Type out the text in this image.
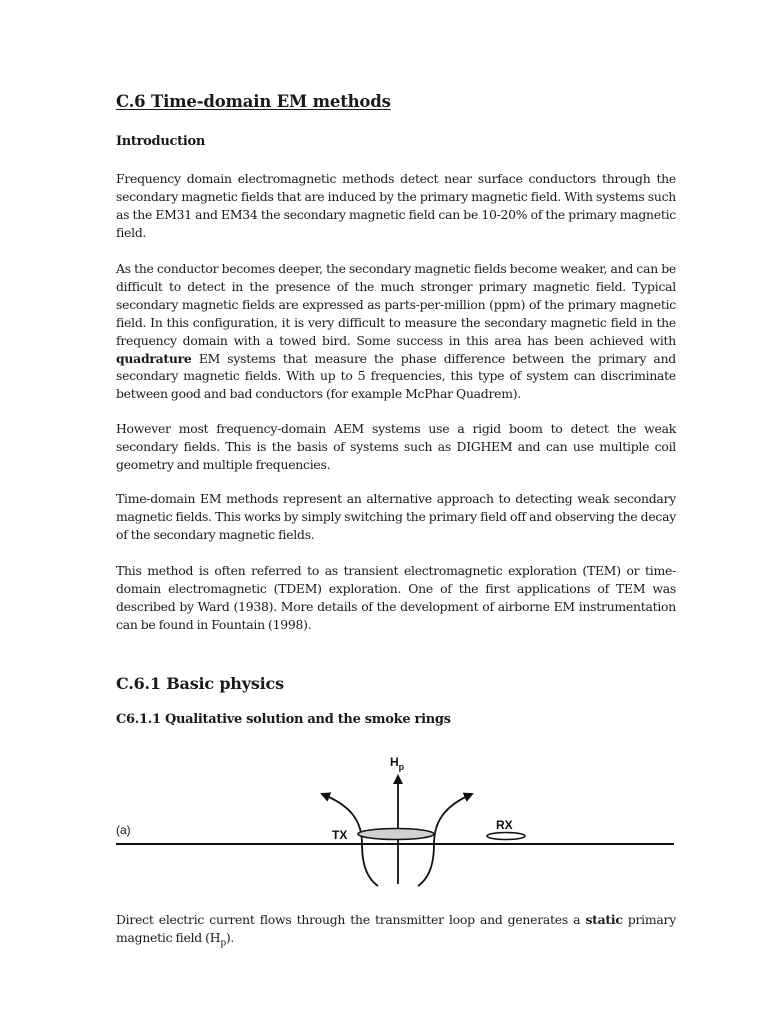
C.6 Time-domain EM methods
Introduction

Frequency domain electromagnetic methods detect near surface conductors through the secondary magnetic fields that are induced by the primary magnetic field. With systems such as the EM31 and EM34 the secondary magnetic field can be 10-20% of the primary magnetic field.

As the conductor becomes deeper, the secondary magnetic fields become weaker, and can be difficult to detect in the presence of the much stronger primary magnetic field. Typical secondary magnetic fields are expressed as parts-per-million (ppm) of the primary magnetic field. In this configuration, it is very difficult to measure the secondary magnetic field in the frequency domain with a towed bird. Some success in this area has been achieved with quadrature EM systems that measure the phase difference between the primary and secondary magnetic fields. With up to 5 frequencies, this type of system can discriminate between good and bad conductors (for example McPhar Quadrem).

However most frequency-domain AEM systems use a rigid boom to detect the weak secondary fields. This is the basis of systems such as DIGHEM and can use multiple coil geometry and multiple frequencies.

Time-domain EM methods represent an alternative approach to detecting weak secondary magnetic fields. This works by simply switching the primary field off and observing the decay of the secondary magnetic fields.

This method is often referred to as transient electromagnetic exploration (TEM) or time-domain electromagnetic (TDEM) exploration. One of the first applications of TEM was described by Ward (1938). More details of the development of airborne EM instrumentation can be found in Fountain (1998).

C.6.1 Basic physics
C6.1.1 Qualitative solution and the smoke rings
(a)	TX
RX
$H_p$

Direct electric current flows through the transmitter loop and generates a static primary magnetic field $(H_p)$.
